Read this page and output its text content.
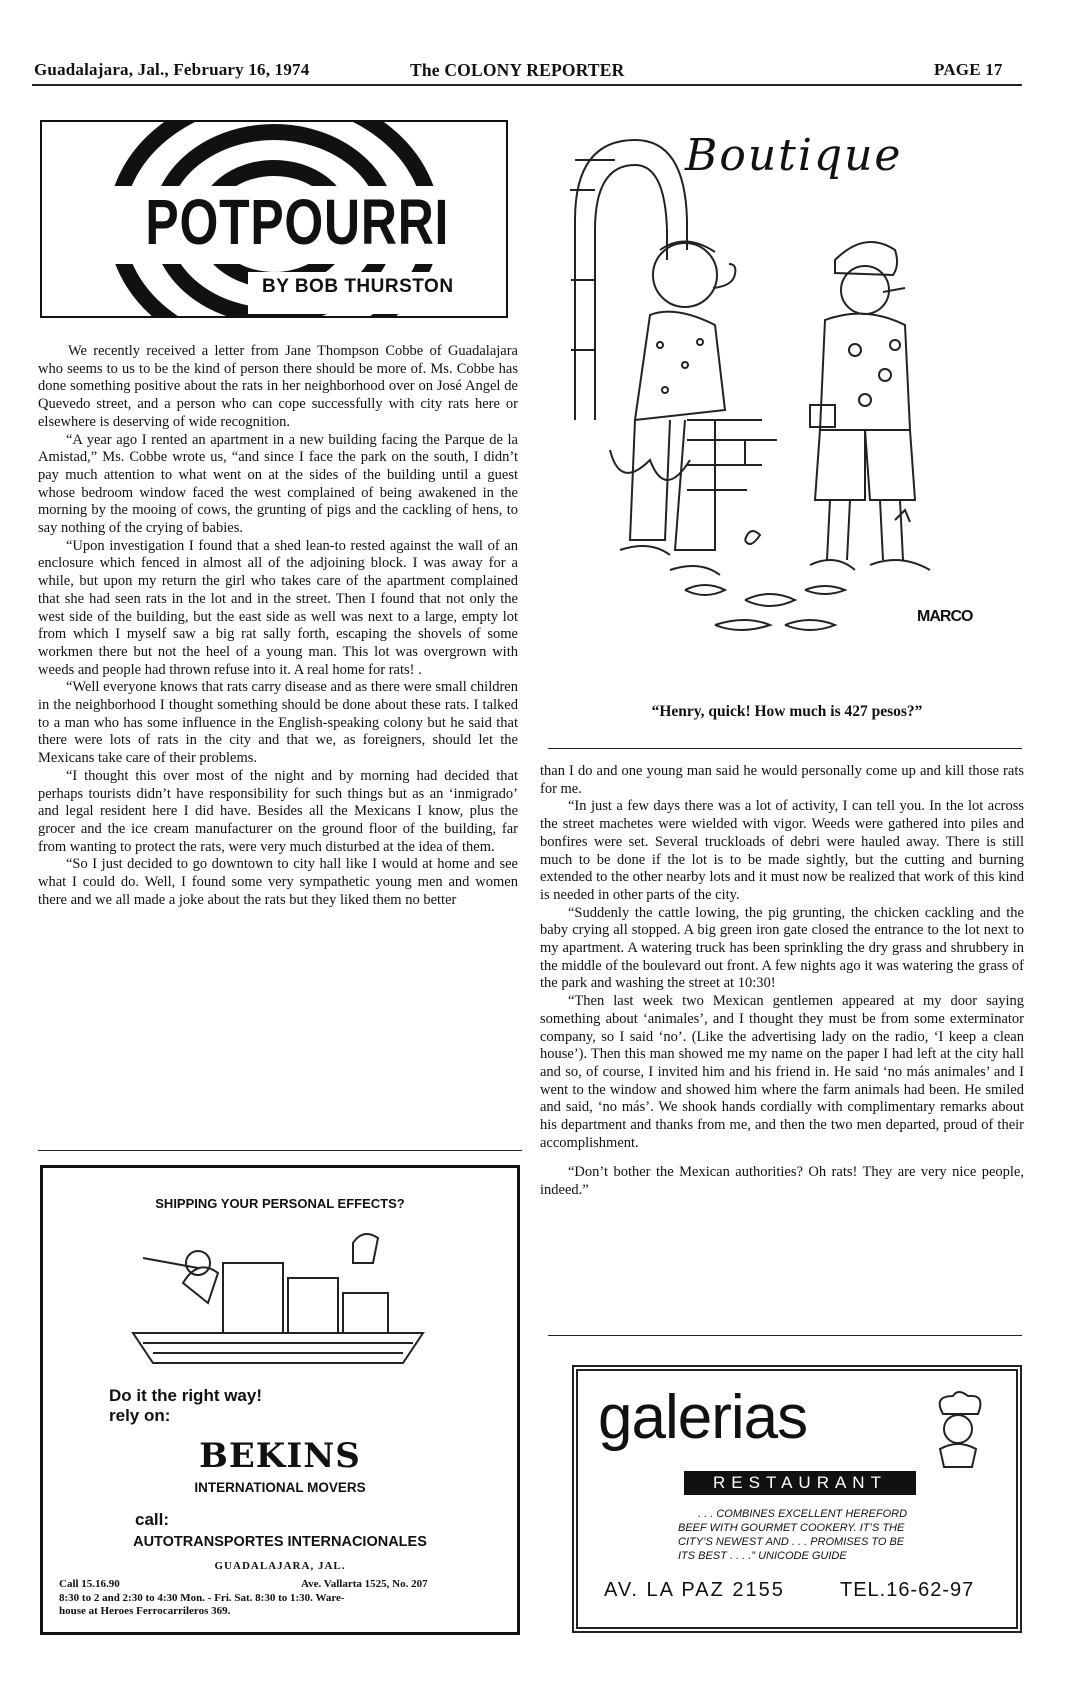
Guadalajara, Jal., February 16, 1974	The COLONY REPORTER	PAGE 17
POTPOURRI
BY BOB THURSTON

We recently received a letter from Jane Thompson Cobbe of Guadalajara who seems to us to be the kind of person there should be more of. Ms. Cobbe has done something positive about the rats in her neighborhood over on José Angel de Quevedo street, and a person who can cope successfully with city rats here or elsewhere is deserving of wide recognition.

“A year ago I rented an apartment in a new building facing the Parque de la Amistad,” Ms. Cobbe wrote us, “and since I face the park on the south, I didn’t pay much attention to what went on at the sides of the building until a guest whose bedroom window faced the west complained of being awakened in the morning by the mooing of cows, the grunting of pigs and the cackling of hens, to say nothing of the crying of babies.

“Upon investigation I found that a shed lean-to rested against the wall of an enclosure which fenced in almost all of the adjoining block. I was away for a while, but upon my return the girl who takes care of the apartment complained that she had seen rats in the lot and in the street. Then I found that not only the west side of the building, but the east side as well was next to a large, empty lot from which I myself saw a big rat sally forth, escaping the shovels of some workmen there but not the heel of a young man. This lot was overgrown with weeds and people had thrown refuse into it. A real home for rats! .

“Well everyone knows that rats carry disease and as there were small children in the neighborhood I thought something should be done about these rats. I talked to a man who has some influence in the English-speaking colony but he said that there were lots of rats in the city and that we, as foreigners, should let the Mexicans take care of their problems.

“I thought this over most of the night and by morning had decided that perhaps tourists didn’t have responsibility for such things but as an ‘inmigrado’ and legal resident here I did have. Besides all the Mexicans I know, plus the grocer and the ice cream manufacturer on the ground floor of the building, far from wanting to protect the rats, were very much disturbed at the idea of them.

“So I just decided to go downtown to city hall like I would at home and see what I could do. Well, I found some very sympathetic young men and women there and we all made a joke about the rats but they liked them no better

Boutique
MARCO
“Henry, quick! How much is 427 pesos?”

than I do and one young man said he would personally come up and kill those rats for me.

“In just a few days there was a lot of activity, I can tell you. In the lot across the street machetes were wielded with vigor. Weeds were gathered into piles and bonfires were set. Several truckloads of debri were hauled away. There is still much to be done if the lot is to be made sightly, but the cutting and burning extended to the other nearby lots and it must now be realized that work of this kind is needed in other parts of the city.

“Suddenly the cattle lowing, the pig grunting, the chicken cackling and the baby crying all stopped. A big green iron gate closed the entrance to the lot next to my apartment. A watering truck has been sprinkling the dry grass and shrubbery in the middle of the boulevard out front. A few nights ago it was watering the grass of the park and washing the street at 10:30!

“Then last week two Mexican gentlemen appeared at my door saying something about ‘animales’, and I thought they must be from some exterminator company, so I said ‘no’. (Like the advertising lady on the radio, ‘I keep a clean house’). Then this man showed me my name on the paper I had left at the city hall and so, of course, I invited him and his friend in. He said ‘no más animales’ and I went to the window and showed him where the farm animals had been. He smiled and said, ‘no más’. We shook hands cordially with complimentary remarks about his department and thanks from me, and then the two men departed, proud of their accomplishment.

“Don’t bother the Mexican authorities? Oh rats! They are very nice people, indeed.”

SHIPPING YOUR PERSONAL EFFECTS?
Do it the right way!
rely on:
BEKINS
INTERNATIONAL MOVERS
call:
AUTOTRANSPORTES INTERNACIONALES
GUADALAJARA, JAL.
Call 15.16.90	Ave. Vallarta 1525, No. 207
8:30 to 2 and 2:30 to 4:30 Mon. - Fri. Sat. 8:30 to 1:30. Ware-
house at Heroes Ferrocarrileros 369.
galerias
RESTAURANT
. . . COMBINES EXCELLENT HEREFORD
BEEF WITH GOURMET COOKERY. IT’S THE
CITY’S NEWEST AND . . . PROMISES TO BE
ITS BEST . . . .” UNICODE GUIDE
AV. LA PAZ 2155	TEL.16-62-97
